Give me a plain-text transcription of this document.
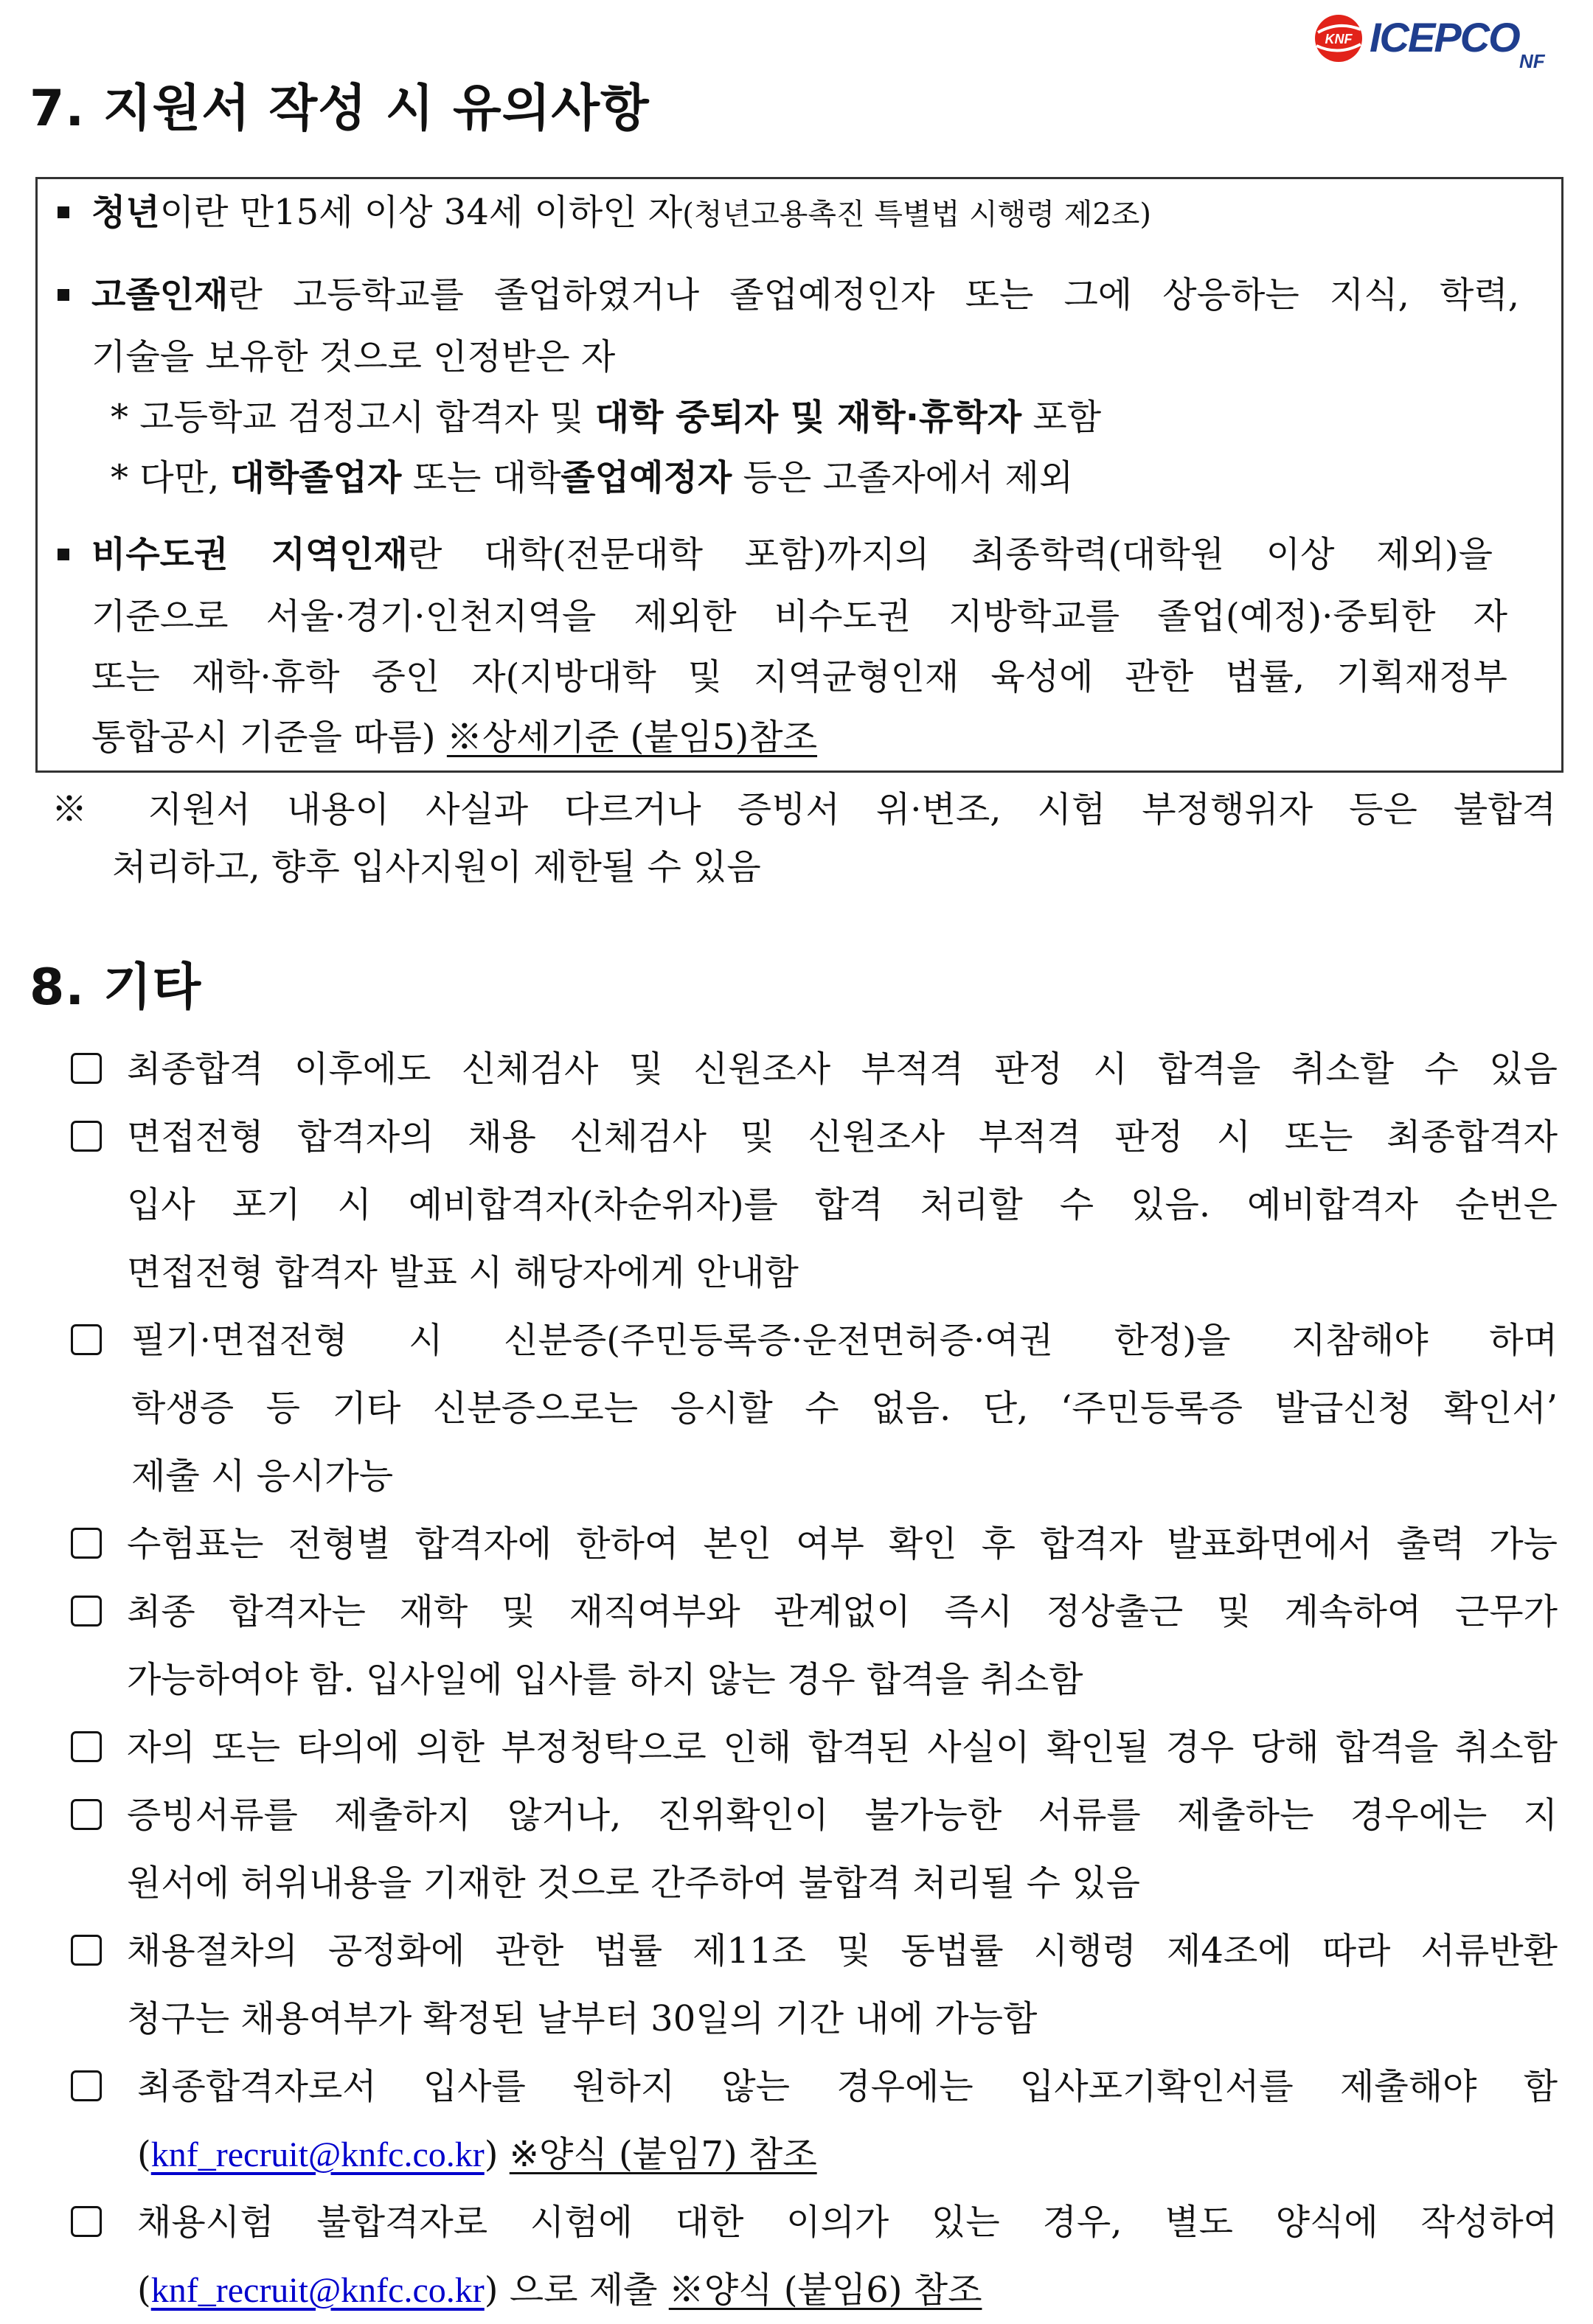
KNF ICEPCO
NF
7. 지원서 작성 시 유의사항
청년이란 만15세 이상 34세 이하인 자(청년고용촉진 특별법 시행령 제2조)
고졸인재란 고등학교를 졸업하였거나 졸업예정인자 또는 그에 상응하는 지식, 학력,
기술을 보유한 것으로 인정받은 자
* 고등학교 검정고시 합격자 및 대학 중퇴자 및 재학·휴학자 포함
* 다만, 대학졸업자 또는 대학졸업예정자 등은 고졸자에서 제외
비수도권 지역인재란 대학(전문대학 포함)까지의 최종학력(대학원 이상 제외)을
기준으로 서울·경기·인천지역을 제외한 비수도권 지방학교를 졸업(예정)·중퇴한 자
또는 재학·휴학 중인 자(지방대학 및 지역균형인재 육성에 관한 법률, 기획재정부
통합공시 기준을 따름) ※상세기준 (붙임5)참조
※ 지원서 내용이 사실과 다르거나 증빙서 위·변조, 시험 부정행위자 등은 불합격
처리하고, 향후 입사지원이 제한될 수 있음
8. 기타
최종합격 이후에도 신체검사 및 신원조사 부적격 판정 시 합격을 취소할 수 있음
면접전형 합격자의 채용 신체검사 및 신원조사 부적격 판정 시 또는 최종합격자
입사 포기 시 예비합격자(차순위자)를 합격 처리할 수 있음. 예비합격자 순번은
면접전형 합격자 발표 시 해당자에게 안내함
필기·면접전형 시 신분증(주민등록증·운전면허증·여권 한정)을 지참해야 하며
학생증 등 기타 신분증으로는 응시할 수 없음. 단, ‘주민등록증 발급신청 확인서’
제출 시 응시가능
수험표는 전형별 합격자에 한하여 본인 여부 확인 후 합격자 발표화면에서 출력 가능
최종 합격자는 재학 및 재직여부와 관계없이 즉시 정상출근 및 계속하여 근무가
가능하여야 함. 입사일에 입사를 하지 않는 경우 합격을 취소함
자의 또는 타의에 의한 부정청탁으로 인해 합격된 사실이 확인될 경우 당해 합격을 취소함
증빙서류를 제출하지 않거나, 진위확인이 불가능한 서류를 제출하는 경우에는 지
원서에 허위내용을 기재한 것으로 간주하여 불합격 처리될 수 있음
채용절차의 공정화에 관한 법률 제11조 및 동법률 시행령 제4조에 따라 서류반환
청구는 채용여부가 확정된 날부터 30일의 기간 내에 가능함
최종합격자로서 입사를 원하지 않는 경우에는 입사포기확인서를 제출해야 함
(knf_recruit@knfc.co.kr) ※양식 (붙임7) 참조
채용시험 불합격자로 시험에 대한 이의가 있는 경우, 별도 양식에 작성하여
(knf_recruit@knfc.co.kr) 으로 제출 ※양식 (붙임6) 참조
